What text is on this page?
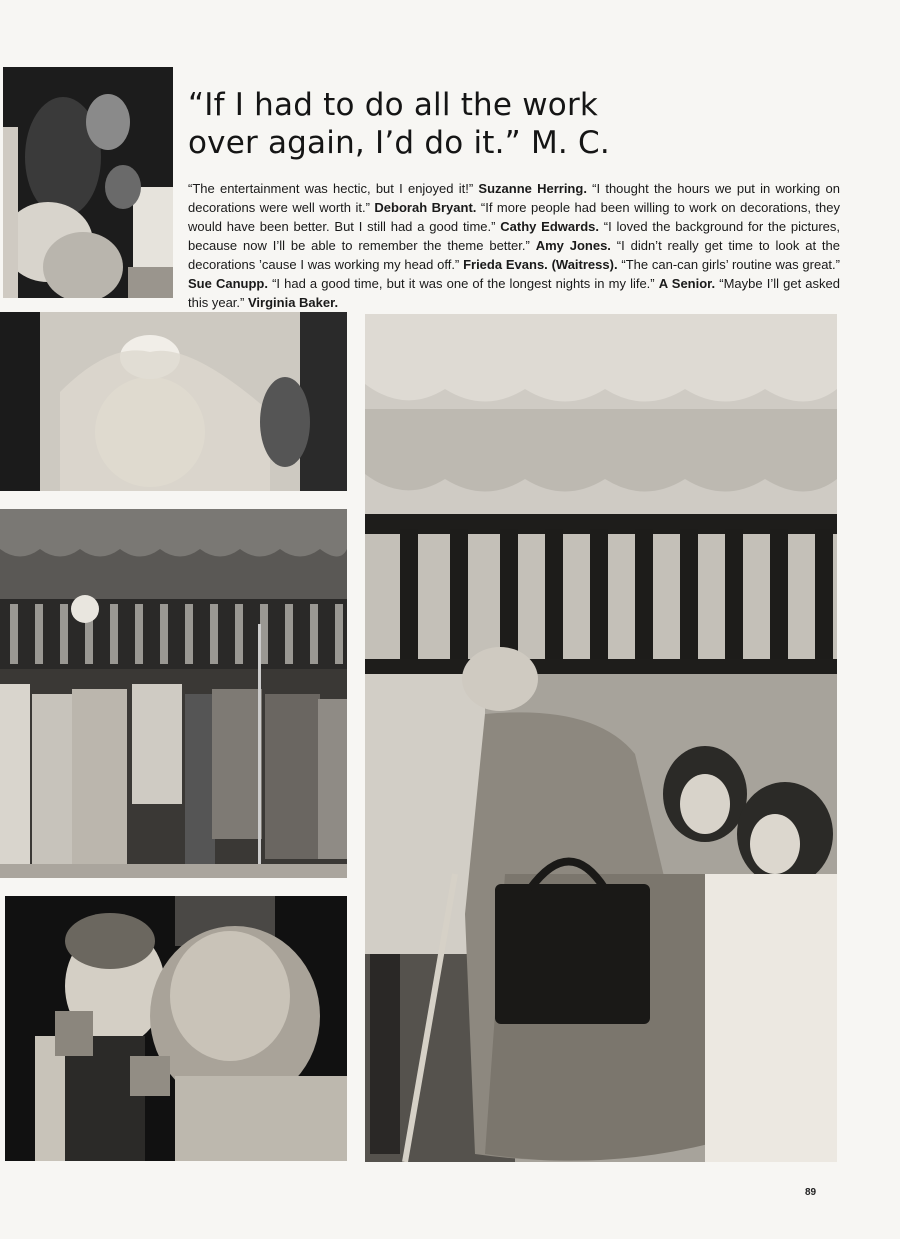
“If I had to do all the work
over again, I’d do it.” M. C.

“The entertainment was hectic, but I enjoyed it!” Suzanne Herring. “I thought the hours we put in working on decorations were well worth it.” Deborah Bryant. “If more people had been willing to work on decorations, they would have been better. But I still had a good time.” Cathy Edwards. “I loved the background for the pictures, because now I’ll be able to remember the theme better.” Amy Jones. “I didn’t really get time to look at the decorations ’cause I was working my head off.” Frieda Evans. (Waitress). “The can-can girls’ routine was great.” Sue Canupp. “I had a good time, but it was one of the longest nights in my life.” A Senior. “Maybe I’ll get asked this year.” Virginia Baker.

89
